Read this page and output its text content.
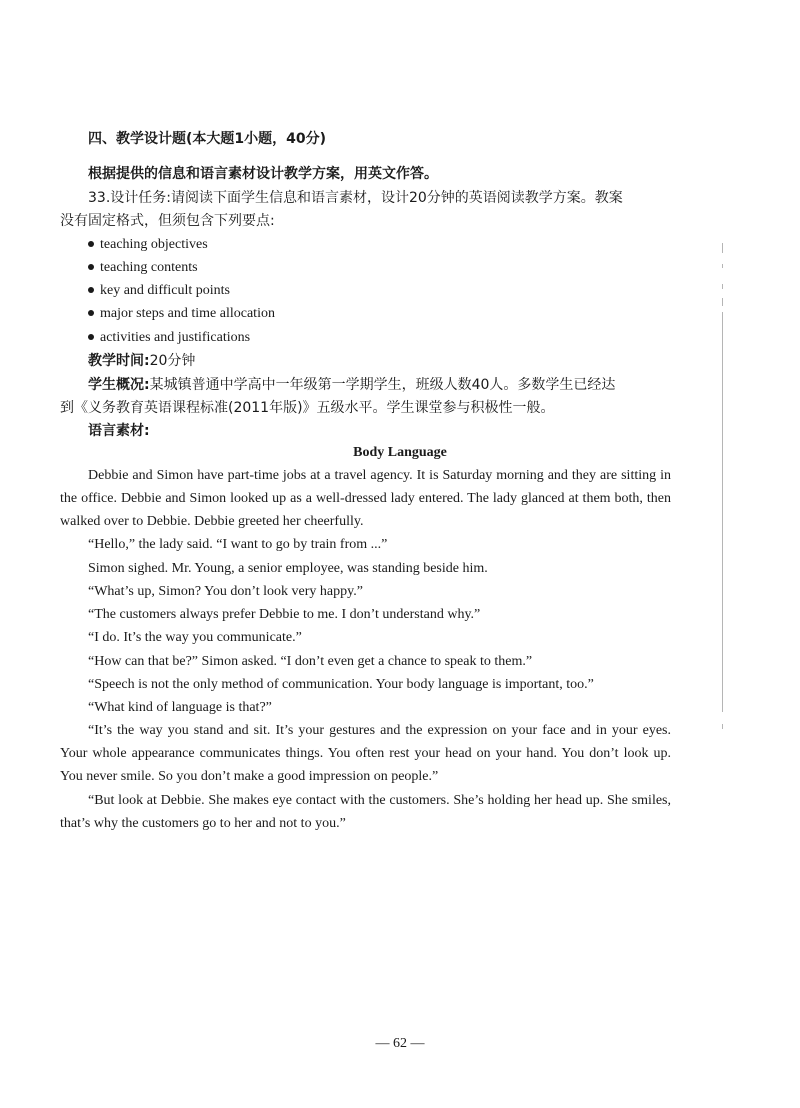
四、教学设计题(本大题1小题，40分)
根据提供的信息和语言素材设计教学方案，用英文作答。
33.设计任务:请阅读下面学生信息和语言素材，设计20分钟的英语阅读教学方案。教案
没有固定格式，但须包含下列要点:
teaching objectives
teaching contents
key and difficult points
major steps and time allocation
activities and justifications
教学时间:20分钟
学生概况:某城镇普通中学高中一年级第一学期学生，班级人数40人。多数学生已经达
到《义务教育英语课程标准(2011年版)》五级水平。学生课堂参与积极性一般。
语言素材:
Body Language
Debbie and Simon have part-time jobs at a travel agency. It is Saturday morning and they are sitting in the office. Debbie and Simon looked up as a well-dressed lady entered. The lady glanced at them both, then walked over to Debbie. Debbie greeted her cheerfully.
“Hello,” the lady said. “I want to go by train from ...”
Simon sighed. Mr. Young, a senior employee, was standing beside him.
“What’s up, Simon? You don’t look very happy.”
“The customers always prefer Debbie to me. I don’t understand why.”
“I do. It’s the way you communicate.”
“How can that be?” Simon asked. “I don’t even get a chance to speak to them.”
“Speech is not the only method of communication. Your body language is important, too.”
“What kind of language is that?”
“It’s the way you stand and sit. It’s your gestures and the expression on your face and in your eyes. Your whole appearance communicates things. You often rest your head on your hand. You don’t look up. You never smile. So you don’t make a good impression on people.”
“But look at Debbie. She makes eye contact with the customers. She’s holding her head up. She smiles, that’s why the customers go to her and not to you.”
— 62 —
